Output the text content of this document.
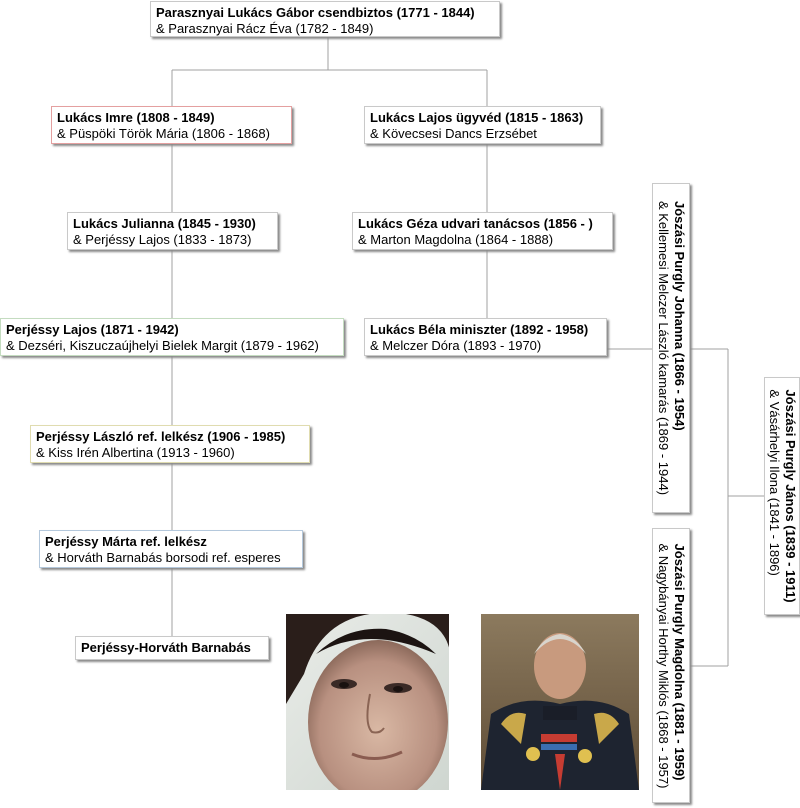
Parasznyai Lukács Gábor csendbiztos (1771 - 1844)
& Parasznyai Rácz Éva (1782 - 1849)
Lukács Imre (1808 - 1849)
& Püspöki Török Mária (1806 - 1868)
Lukács Lajos ügyvéd (1815 - 1863)
& Kövecsesi Dancs Erzsébet
Lukács Julianna (1845 - 1930)
& Perjéssy Lajos (1833 - 1873)
Lukács Géza udvari tanácsos (1856 - )
& Marton Magdolna (1864 - 1888)
Perjéssy Lajos (1871 - 1942)
& Dezséri, Kiszuczaújhelyi Bielek Margit (1879 - 1962)
Lukács Béla miniszter (1892 - 1958)
& Melczer Dóra (1893 - 1970)
Perjéssy László ref. lelkész (1906 - 1985)
& Kiss Irén Albertina (1913 - 1960)
Perjéssy Márta ref. lelkész
& Horváth Barnabás borsodi ref. esperes
Perjéssy-Horváth Barnabás
Jószási Purgly Johanna (1866 - 1954)
& Kellemesi Melczer László kamarás (1869 - 1944)
Jószási Purgly Magdolna (1881 - 1959)
& Nagybányai Horthy Miklós (1868 - 1957)
Jószási Purgly János (1839 - 1911)
& Vásárhelyi Ilona (1841 - 1896)
